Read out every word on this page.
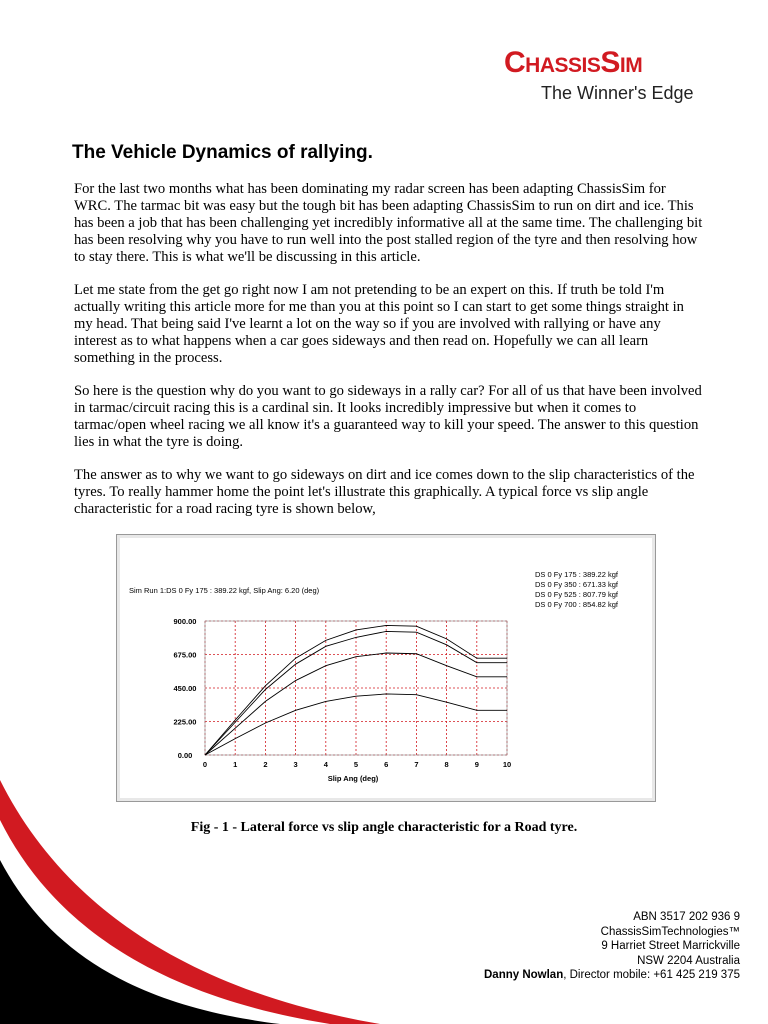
ChassisSim
The Winner's Edge
The Vehicle Dynamics of rallying.

For the last two months what has been dominating my radar screen has been adapting ChassisSim for WRC. The tarmac bit was easy but the tough bit has been adapting ChassisSim to run on dirt and ice. This has been a job that has been challenging yet incredibly informative all at the same time. The challenging bit has been resolving why you have to run well into the post stalled region of the tyre and then resolving how to stay there. This is what we'll be discussing in this article.

Let me state from the get go right now I am not pretending to be an expert on this. If truth be told I'm actually writing this article more for me than you at this point so I can start to get some things straight in my head. That being said I've learnt a lot on the way so if you are involved with rallying or have any interest as to what happens when a car goes sideways and then read on. Hopefully we can all learn something in the process.

So here is the question why do you want to go sideways in a rally car? For all of us that have been involved in tarmac/circuit racing this is a cardinal sin. It looks incredibly impressive but when it comes to tarmac/open wheel racing we all know it's a guaranteed way to kill your speed. The answer to this question lies in what the tyre is doing.

The answer as to why we want to go sideways on dirt and ice comes down to the slip characteristics of the tyres. To really hammer home the point let's illustrate this graphically. A typical force vs slip angle characteristic for a road racing tyre is shown below,

Sim Run 1:DS 0 Fy 175 : 389.22 kgf, Slip Ang: 6.20 (deg)
DS 0 Fy 175 : 389.22 kgf
DS 0 Fy 350 : 671.33 kgf
DS 0 Fy 525 : 807.79 kgf
DS 0 Fy 700 : 854.82 kgf
0.00
225.00
450.00
675.00
900.00
0	1	2	3	4	5	6	7	8	9	10
Slip Ang (deg)
Fig - 1 - Lateral force vs slip angle characteristic for a Road tyre.
ABN 3517 202 936 9
ChassisSimTechnologies™
9 Harriet Street Marrickville
NSW 2204 Australia
Danny Nowlan, Director mobile: +61 425 219 375
